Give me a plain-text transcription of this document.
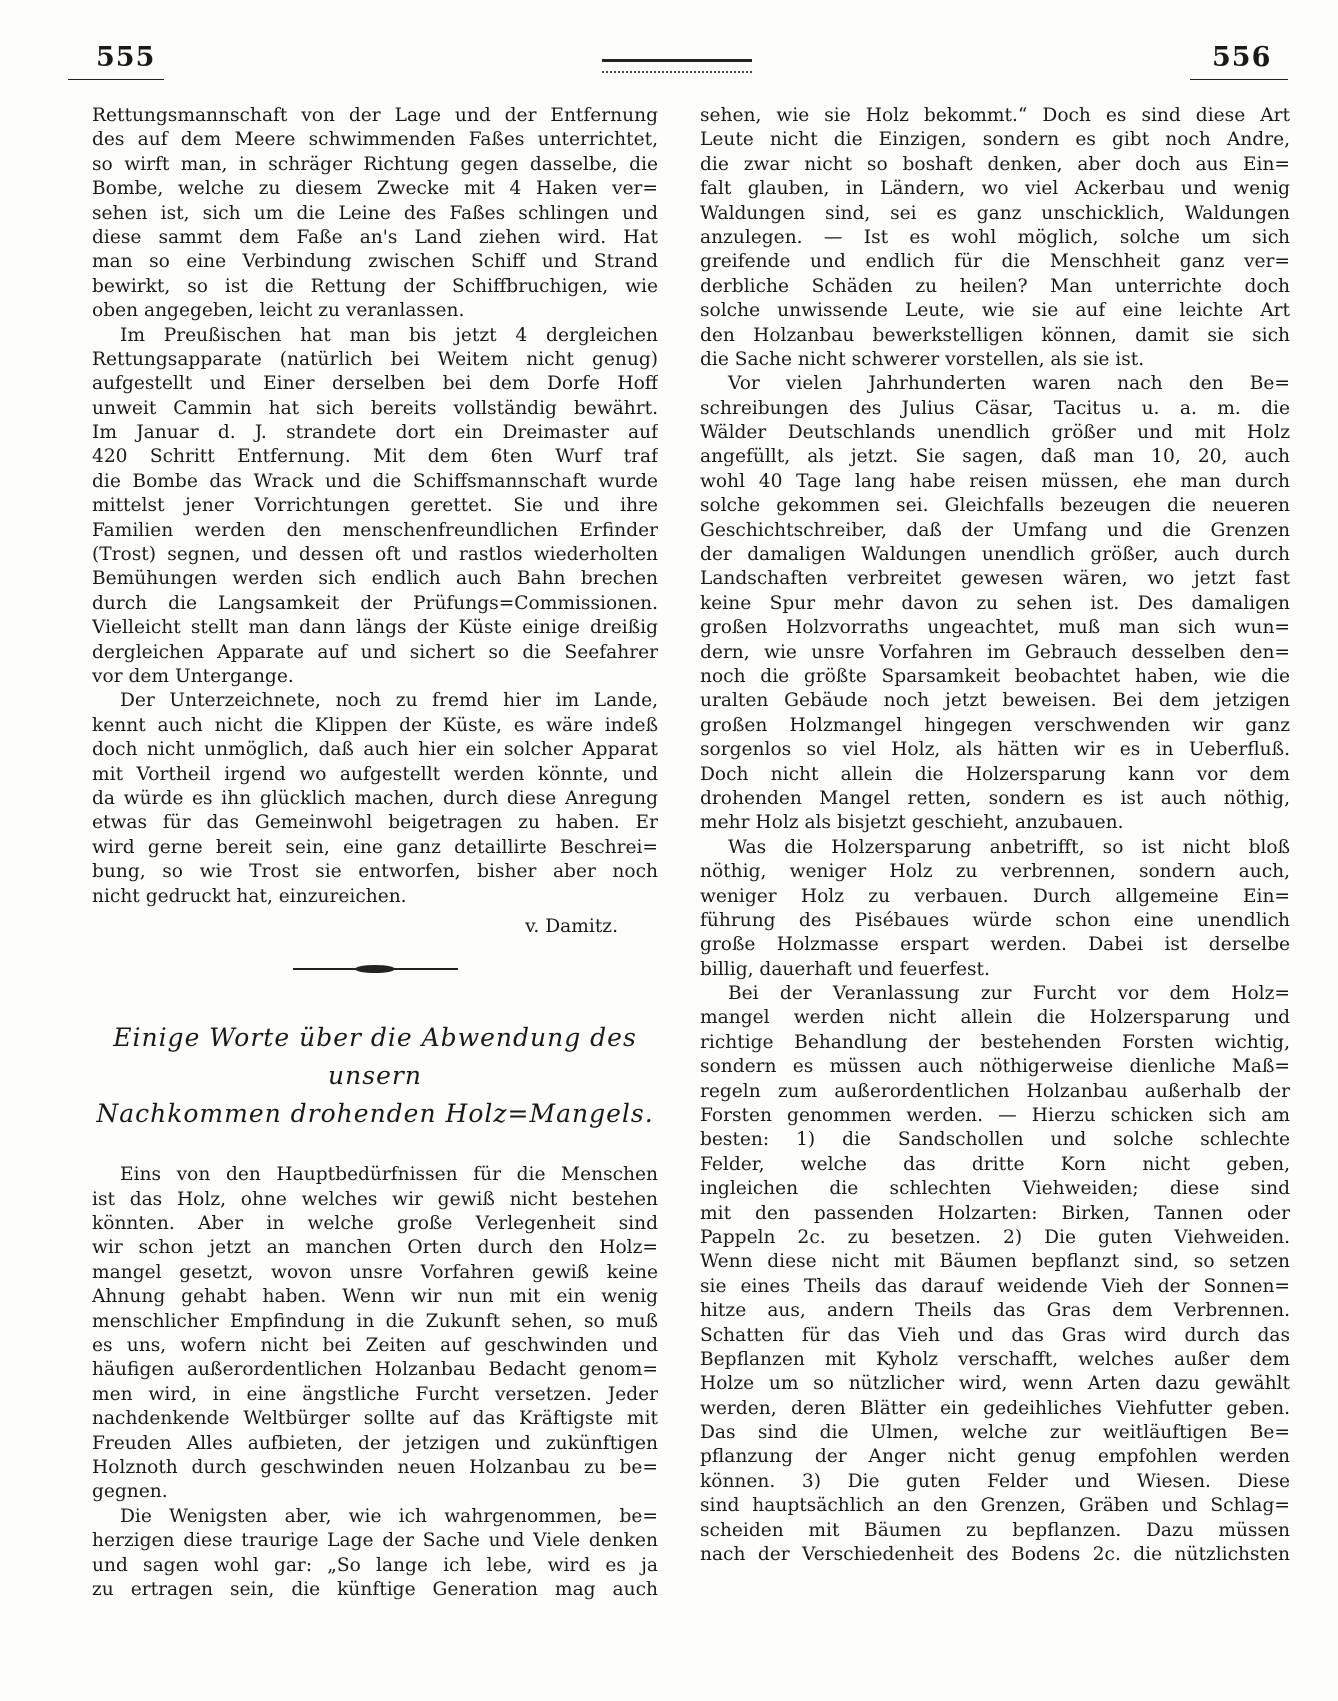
555	556
Rettungsmannschaft von der Lage und der Entfernung
des auf dem Meere schwimmenden Faßes unterrichtet,
so wirft man, in schräger Richtung gegen dasselbe, die
Bombe, welche zu diesem Zwecke mit 4 Haken ver=
sehen ist, sich um die Leine des Faßes schlingen und
diese sammt dem Faße an's Land ziehen wird. Hat
man so eine Verbindung zwischen Schiff und Strand
bewirkt, so ist die Rettung der Schiffbruchigen, wie
oben angegeben, leicht zu veranlassen.
Im Preußischen hat man bis jetzt 4 dergleichen
Rettungsapparate (natürlich bei Weitem nicht genug)
aufgestellt und Einer derselben bei dem Dorfe Hoff
unweit Cammin hat sich bereits vollständig bewährt.
Im Januar d. J. strandete dort ein Dreimaster auf
420 Schritt Entfernung. Mit dem 6ten Wurf traf
die Bombe das Wrack und die Schiffsmannschaft wurde
mittelst jener Vorrichtungen gerettet. Sie und ihre
Familien werden den menschenfreundlichen Erfinder
(Trost) segnen, und dessen oft und rastlos wiederholten
Bemühungen werden sich endlich auch Bahn brechen
durch die Langsamkeit der Prüfungs=Commissionen.
Vielleicht stellt man dann längs der Küste einige dreißig
dergleichen Apparate auf und sichert so die Seefahrer
vor dem Untergange.
Der Unterzeichnete, noch zu fremd hier im Lande,
kennt auch nicht die Klippen der Küste, es wäre indeß
doch nicht unmöglich, daß auch hier ein solcher Apparat
mit Vortheil irgend wo aufgestellt werden könnte, und
da würde es ihn glücklich machen, durch diese Anregung
etwas für das Gemeinwohl beigetragen zu haben. Er
wird gerne bereit sein, eine ganz detaillirte Beschrei=
bung, so wie Trost sie entworfen, bisher aber noch
nicht gedruckt hat, einzureichen.
v. Damitz.
Einige Worte über die Abwendung des unsern
Nachkommen drohenden Holz=Mangels.
Eins von den Hauptbedürfnissen für die Menschen
ist das Holz, ohne welches wir gewiß nicht bestehen
könnten. Aber in welche große Verlegenheit sind
wir schon jetzt an manchen Orten durch den Holz=
mangel gesetzt, wovon unsre Vorfahren gewiß keine
Ahnung gehabt haben. Wenn wir nun mit ein wenig
menschlicher Empfindung in die Zukunft sehen, so muß
es uns, wofern nicht bei Zeiten auf geschwinden und
häufigen außerordentlichen Holzanbau Bedacht genom=
men wird, in eine ängstliche Furcht versetzen. Jeder
nachdenkende Weltbürger sollte auf das Kräftigste mit
Freuden Alles aufbieten, der jetzigen und zukünftigen
Holznoth durch geschwinden neuen Holzanbau zu be=
gegnen.
Die Wenigsten aber, wie ich wahrgenommen, be=
herzigen diese traurige Lage der Sache und Viele denken
und sagen wohl gar: „So lange ich lebe, wird es ja
zu ertragen sein, die künftige Generation mag auch
sehen, wie sie Holz bekommt.“ Doch es sind diese Art
Leute nicht die Einzigen, sondern es gibt noch Andre,
die zwar nicht so boshaft denken, aber doch aus Ein=
falt glauben, in Ländern, wo viel Ackerbau und wenig
Waldungen sind, sei es ganz unschicklich, Waldungen
anzulegen. — Ist es wohl möglich, solche um sich
greifende und endlich für die Menschheit ganz ver=
derbliche Schäden zu heilen? Man unterrichte doch
solche unwissende Leute, wie sie auf eine leichte Art
den Holzanbau bewerkstelligen können, damit sie sich
die Sache nicht schwerer vorstellen, als sie ist.
Vor vielen Jahrhunderten waren nach den Be=
schreibungen des Julius Cäsar, Tacitus u. a. m. die
Wälder Deutschlands unendlich größer und mit Holz
angefüllt, als jetzt. Sie sagen, daß man 10, 20, auch
wohl 40 Tage lang habe reisen müssen, ehe man durch
solche gekommen sei. Gleichfalls bezeugen die neueren
Geschichtschreiber, daß der Umfang und die Grenzen
der damaligen Waldungen unendlich größer, auch durch
Landschaften verbreitet gewesen wären, wo jetzt fast
keine Spur mehr davon zu sehen ist. Des damaligen
großen Holzvorraths ungeachtet, muß man sich wun=
dern, wie unsre Vorfahren im Gebrauch desselben den=
noch die größte Sparsamkeit beobachtet haben, wie die
uralten Gebäude noch jetzt beweisen. Bei dem jetzigen
großen Holzmangel hingegen verschwenden wir ganz
sorgenlos so viel Holz, als hätten wir es in Ueberfluß.
Doch nicht allein die Holzersparung kann vor dem
drohenden Mangel retten, sondern es ist auch nöthig,
mehr Holz als bisjetzt geschieht, anzubauen.
Was die Holzersparung anbetrifft, so ist nicht bloß
nöthig, weniger Holz zu verbrennen, sondern auch,
weniger Holz zu verbauen. Durch allgemeine Ein=
führung des Pisébaues würde schon eine unendlich
große Holzmasse erspart werden. Dabei ist derselbe
billig, dauerhaft und feuerfest.
Bei der Veranlassung zur Furcht vor dem Holz=
mangel werden nicht allein die Holzersparung und
richtige Behandlung der bestehenden Forsten wichtig,
sondern es müssen auch nöthigerweise dienliche Maß=
regeln zum außerordentlichen Holzanbau außerhalb der
Forsten genommen werden. — Hierzu schicken sich am
besten: 1) die Sandschollen und solche schlechte
Felder, welche das dritte Korn nicht geben,
ingleichen die schlechten Viehweiden; diese sind
mit den passenden Holzarten: Birken, Tannen oder
Pappeln 2c. zu besetzen. 2) Die guten Viehweiden.
Wenn diese nicht mit Bäumen bepflanzt sind, so setzen
sie eines Theils das darauf weidende Vieh der Sonnen=
hitze aus, andern Theils das Gras dem Verbrennen.
Schatten für das Vieh und das Gras wird durch das
Bepflanzen mit Kyholz verschafft, welches außer dem
Holze um so nützlicher wird, wenn Arten dazu gewählt
werden, deren Blätter ein gedeihliches Viehfutter geben.
Das sind die Ulmen, welche zur weitläuftigen Be=
pflanzung der Anger nicht genug empfohlen werden
können. 3) Die guten Felder und Wiesen. Diese
sind hauptsächlich an den Grenzen, Gräben und Schlag=
scheiden mit Bäumen zu bepflanzen. Dazu müssen
nach der Verschiedenheit des Bodens 2c. die nützlichsten
